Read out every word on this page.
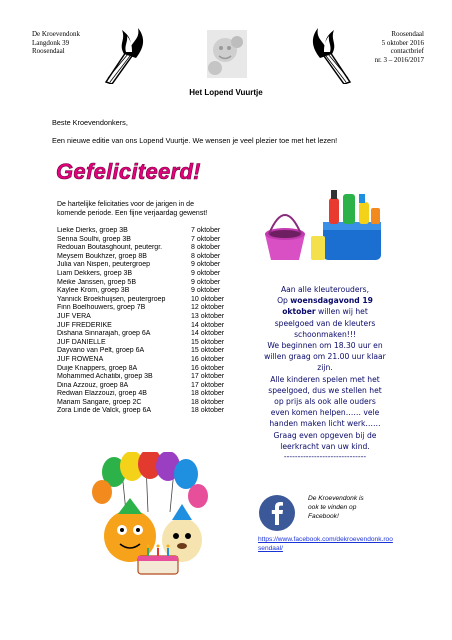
De Kroevendonk
Langdonk 39
Roosendaal
Roosendaal
5 oktober 2016
contactbrief
nr. 3 – 2016/2017
Het Lopend Vuurtje
Beste Kroevendonkers,
Een nieuwe editie van ons Lopend Vuurtje. We wensen je veel plezier toe met het lezen!
Gefeliciteerd!
De hartelijke felicitaties voor de jarigen in de
komende periode. Een fijne verjaardag gewenst!
Lieke Dierks, groep 3B	7 oktober
Senna Soulhi, groep 3B	7 oktober
Redouan Boutasghount, peutergr.	8 oktober
Meysem Boukhzer, groep 8B	8 oktober
Julia van Nispen, peutergroep	9 oktober
Liam Dekkers, groep 3B	9 oktober
Meike Janssen, groep 5B	9 oktober
Kaylee Krom, groep 3B	9 oktober
Yannick Broekhuijsen, peutergroep	10 oktober
Finn Boelhouwers, groep 7B	12 oktober
JUF VERA	13 oktober
JUF FREDERIKE	14 oktober
Dishana Sinnarajah, groep 6A	14 oktober
JUF DANIËLLE	15 oktober
Dayvano van Pelt, groep 6A	15 oktober
JUF ROWENA	16 oktober
Duije Knappers, groep 8A	16 oktober
Mohammed Achatibi, groep 3B	17 oktober
Dina Azzouz, groep 8A	17 oktober
Redwan Elazzouzi, groep 4B	18 oktober
Mariam Sangare, groep 2C	18 oktober
Zora Linde de Valck, groep 6A	18 oktober
Aan alle kleuterouders,
Op woensdagavond 19
oktober willen wij het
speelgoed van de kleuters
schoonmaken!!!
We beginnen om 18.30 uur en
willen graag om 21.00 uur klaar
zijn.
Alle kinderen spelen met het
speelgoed, dus we stellen het
op prijs als ook alle ouders
even komen helpen…… vele
handen maken licht werk……
Graag even opgeven bij de
leerkracht van uw kind.
------------------------------
De Kroevendonk is
ook te vinden op
Facebook!
https://www.facebook.com/dekroevendonk.roosendaal/
